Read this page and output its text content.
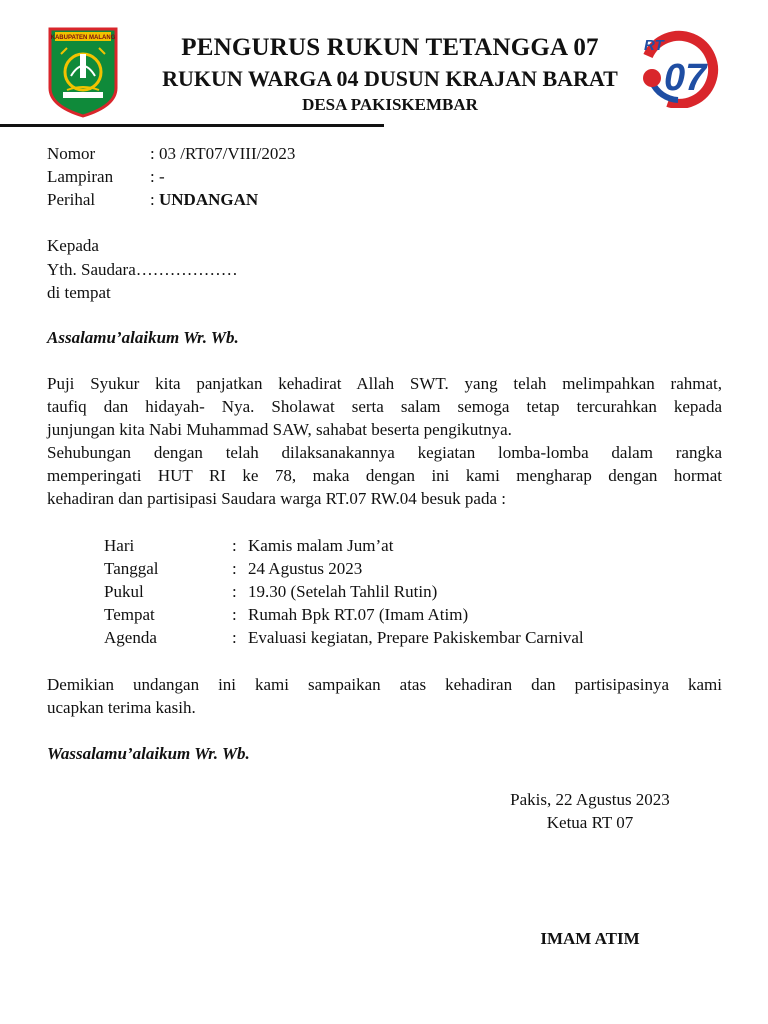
KABUPATEN MALANG	RT
07
PENGURUS RUKUN TETANGGA 07
RUKUN WARGA 04 DUSUN KRAJAN BARAT
DESA PAKISKEMBAR
Nomor	: 03 /RT07/VIII/2023
Lampiran : -
Perihal	: UNDANGAN
Kepada
Yth. Saudara………………
di tempat
Assalamu’alaikum Wr. Wb.
Puji Syukur kita panjatkan kehadirat Allah SWT. yang telah melimpahkan rahmat,
taufiq dan hidayah- Nya. Sholawat serta salam semoga tetap tercurahkan kepada
junjungan kita Nabi Muhammad SAW, sahabat beserta pengikutnya.
Sehubungan dengan telah dilaksanakannya kegiatan lomba-lomba dalam rangka
memperingati HUT RI ke 78, maka dengan ini kami mengharap dengan hormat
kehadiran dan partisipasi Saudara warga RT.07 RW.04 besuk pada :
Hari	: Kamis malam Jum’at
Tanggal	: 24 Agustus 2023
Pukul	: 19.30 (Setelah Tahlil Rutin)
Tempat	: Rumah Bpk RT.07 (Imam Atim)
Agenda	: Evaluasi kegiatan, Prepare Pakiskembar Carnival
Demikian undangan ini kami sampaikan atas kehadiran dan partisipasinya kami
ucapkan terima kasih.
Wassalamu’alaikum Wr. Wb.
Pakis, 22 Agustus 2023
Ketua RT 07
IMAM ATIM
